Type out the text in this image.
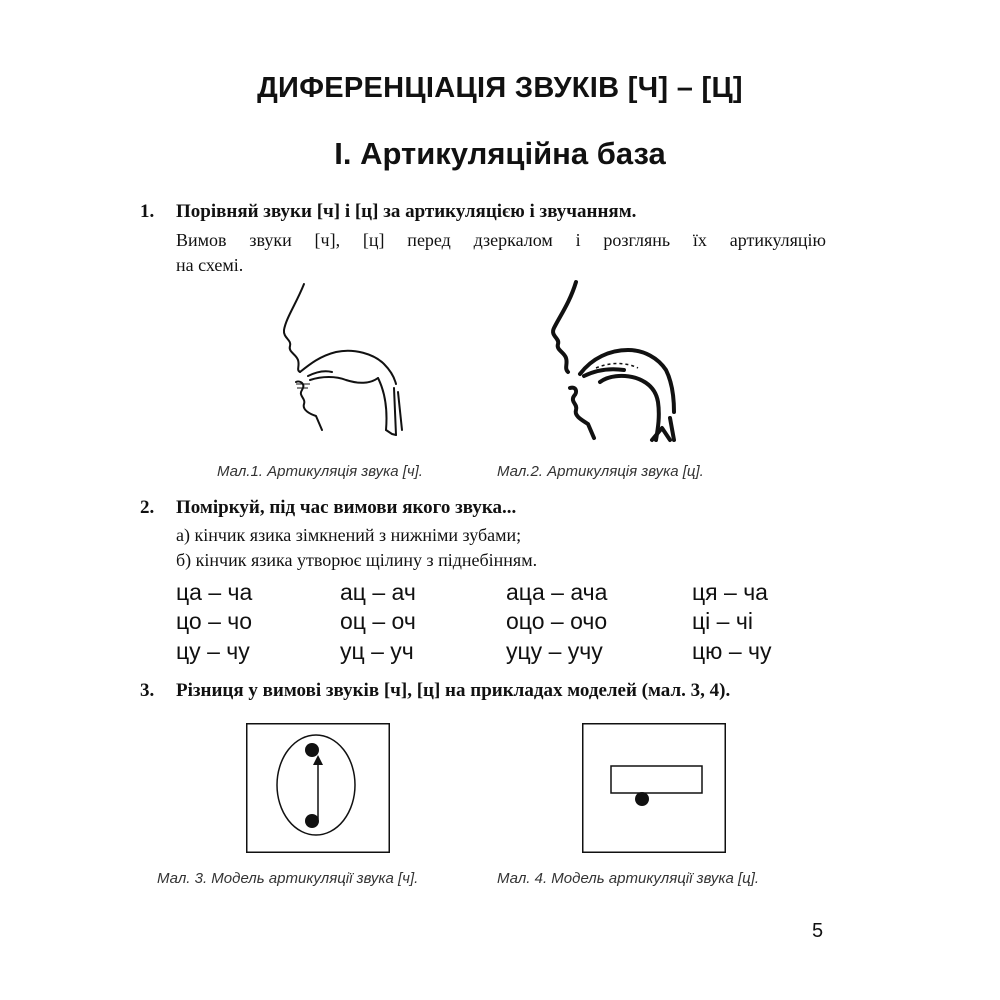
ДИФЕРЕНЦІАЦІЯ ЗВУКІВ [Ч] – [Ц]
І. Артикуляційна база
1. Порівняй звуки [ч] і [ц] за артикуляцією і звучанням.
Вимов звуки [ч], [ц] перед дзеркалом і розглянь їх артикуляцію
на схемі.
Мал.1. Артикуляція звука [ч].	Мал.2. Артикуляція звука [ц].
2. Поміркуй, під час вимови якого звука...
а) кінчик язика зімкнений з нижніми зубами;
б) кінчик язика утворює щілину з піднебінням.
ца – ча	ац – ач	аца – ача	ця – ча
цо – чо	оц – оч	оцо – очо	ці – чі
цу – чу	уц – уч	уцу – учу	цю – чу
3. Різниця у вимові звуків [ч], [ц] на прикладах моделей (мал. 3, 4).
Мал. 3. Модель артикуляції звука [ч].	Мал. 4. Модель артикуляції звука [ц].
5
